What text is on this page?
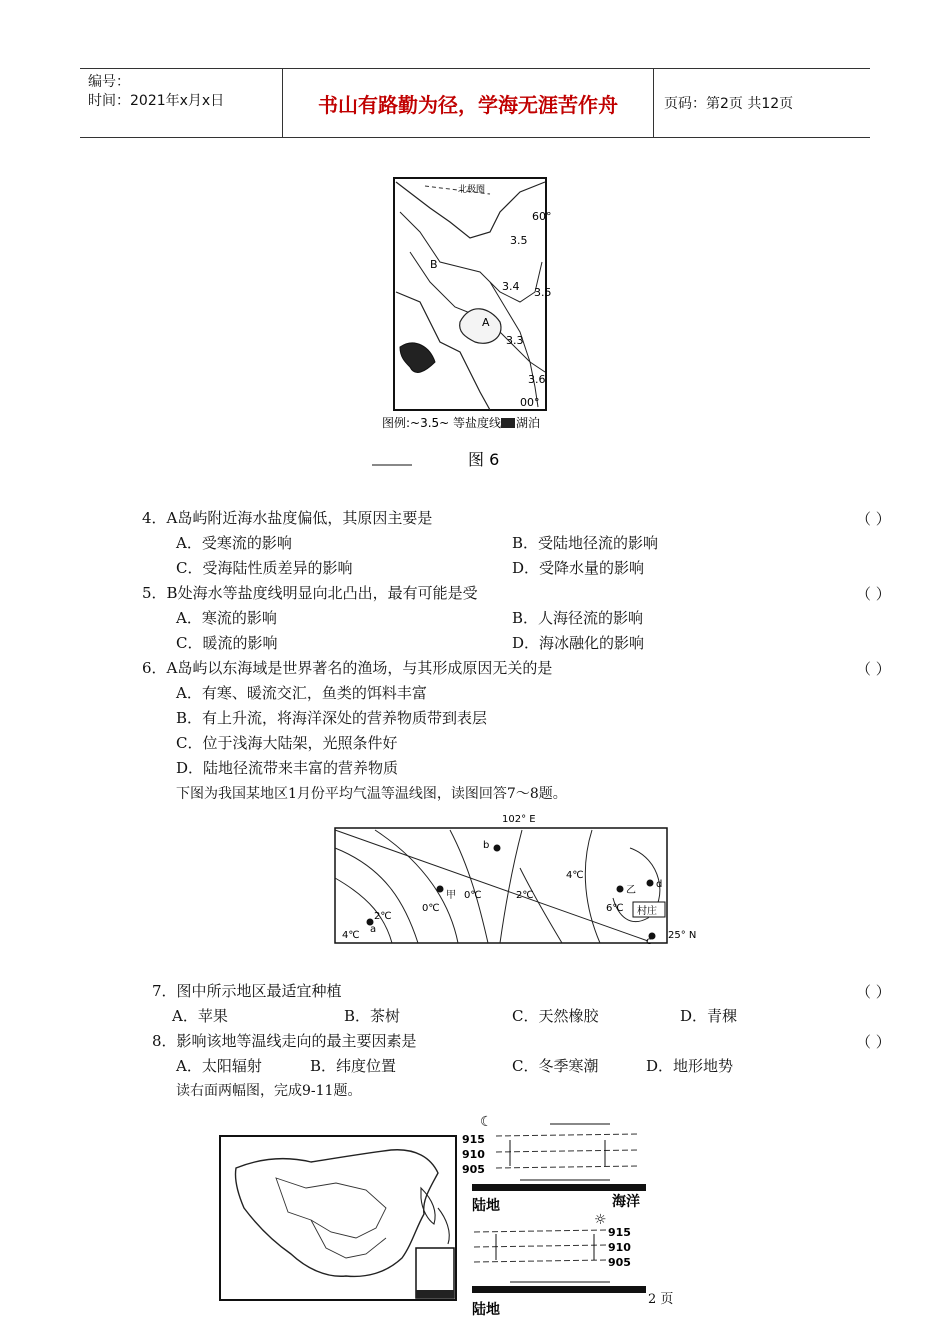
编号：
时间：2021年x月x日	书山有路勤为径，学海无涯苦作舟	页码：第2页 共12页
北极圈
60°
3.5
3.4 3.5
3.3
3.6
00°
A
B
图例:~3.5~ 等盐度线 湖泊
图 6
4．A岛屿附近海水盐度偏低，其原因主要是	（ ）
A．受寒流的影响	B．受陆地径流的影响
C．受海陆性质差异的影响	D．受降水量的影响
5．B处海水等盐度线明显向北凸出，最有可能是受	（ ）
A．寒流的影响	B．人海径流的影响
C．暖流的影响	D．海冰融化的影响
6．A岛屿以东海域是世界著名的渔场，与其形成原因无关的是	（ ）
A．有寒、暖流交汇，鱼类的饵料丰富
B．有上升流，将海洋深处的营养物质带到表层
C．位于浅海大陆架，光照条件好
D．陆地径流带来丰富的营养物质
下图为我国某地区1月份平均气温等温线图，读图回答7～8题。
102° E
25° N
b
甲 0℃
0℃
2℃
2℃
4℃
4℃
6℃
乙
d
c
a
村庄
7．图中所示地区最适宜种植	（ ）
A．苹果	B．茶树	C．天然橡胶	D．青稞
8．影响该地等温线走向的最主要因素是	（ ）
A．太阳辐射	B．纬度位置	C．冬季寒潮	D．地形地势
读右面两幅图，完成9-11题。
☾
915
910
905
陆地	海洋
☼
915
910
905
陆地
2 页
